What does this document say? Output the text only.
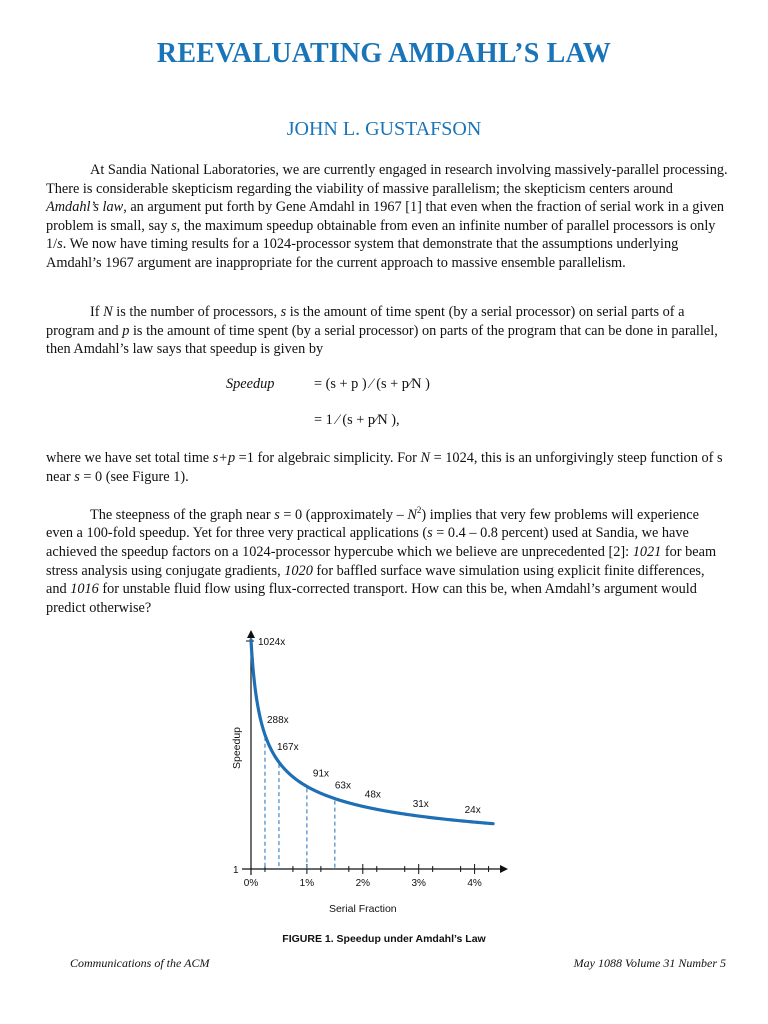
REEVALUATING AMDAHL’S LAW
JOHN L. GUSTAFSON

At Sandia National Laboratories, we are currently engaged in research involving massively-parallel processing. There is considerable skepticism regarding the viability of massive parallelism; the skepticism centers around Amdahl’s law, an argument put forth by Gene Amdahl in 1967 [1] that even when the fraction of serial work in a given problem is small, say s, the maximum speedup obtainable from even an infinite number of parallel processors is only 1/s. We now have timing results for a 1024-processor system that demonstrate that the assumptions underlying Amdahl’s 1967 argument are inappropriate for the current approach to massive ensemble parallelism.

If N is the number of processors, s is the amount of time spent (by a serial processor) on serial parts of a program and p is the amount of time spent (by a serial processor) on parts of the program that can be done in parallel, then Amdahl’s law says that speedup is given by

Speedup	= (s + p ) ⁄ (s + p⁄N )
= 1 ⁄ (s + p⁄N ),

where we have set total time s+p =1 for algebraic simplicity. For N = 1024, this is an unforgivingly steep function of s near s = 0 (see Figure 1).

The steepness of the graph near s = 0 (approximately – $N^2$) implies that very few problems will experience even a 100-fold speedup. Yet for three very practical applications (s = 0.4 – 0.8 percent) used at Sandia, we have achieved the speedup factors on a 1024-processor hypercube which we believe are unprecedented [2]: 1021 for beam stress analysis using conjugate gradients, 1020 for baffled surface wave simulation using explicit finite differences, and 1016 for unstable fluid flow using flux-corrected transport. How can this be, when Amdahl’s argument would predict otherwise?

1024x
1
Speedup
0%	1%	2%	3%	4%
Serial Fraction
288x
167x
91x
63x
48x
31x
24x
FIGURE 1. Speedup under Amdahl’s Law
Communications of the ACM	May 1088 Volume 31 Number 5
